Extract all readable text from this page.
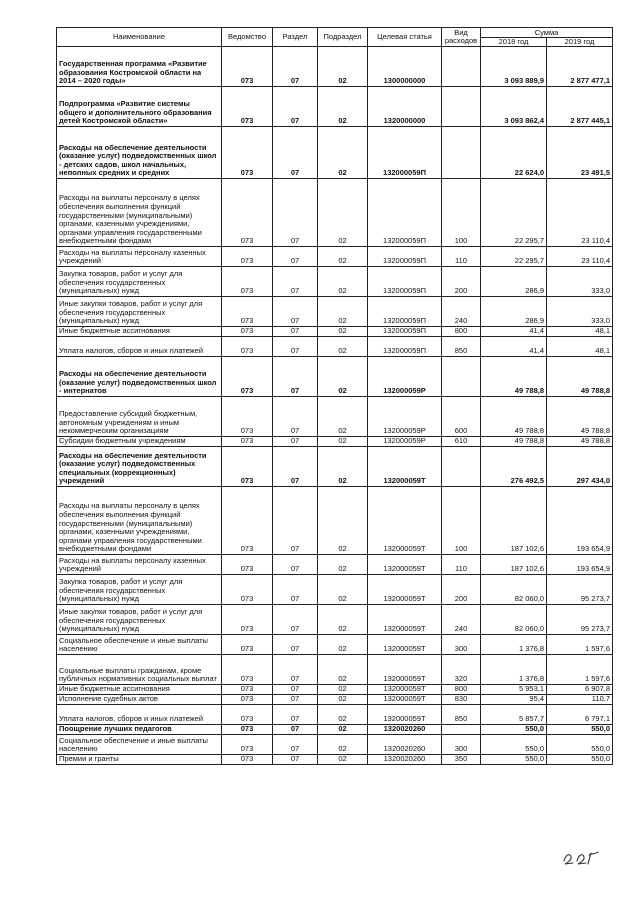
Наименование	Ведомство	Раздел	Подраздел	Целевая статья	Вид расходов	Сумма	
						2018 год	2019 год
Государственная программа «Развитие образования Костромской области на 2014 – 2020 годы»	073	07	02	1300000000		3 093 889,9	2 877 477,1
Подпрограмма «Развитие системы общего и дополнительного образования детей Костромской области»	073	07	02	1320000000		3 093 862,4	2 877 445,1
Расходы на обеспечение деятельности (оказание услуг) подведомственных школ - детских садов, школ начальных, неполных средних и средних	073	07	02	132000059П		22 624,0	23 491,5
Расходы на выплаты персоналу в целях обеспечения выполнения функций государственными (муниципальными) органами, казенными учреждениями, органами управления государственными внебюджетными фондами	073	07	02	132000059П	100	22 295,7	23 110,4
Расходы на выплаты персоналу казенных учреждений	073	07	02	132000059П	110	22 295,7	23 110,4
Закупка товаров, работ и услуг для обеспечения государственных (муниципальных) нужд	073	07	02	132000059П	200	286,9	333,0
Иные закупки товаров, работ и услуг для обеспечения государственных (муниципальных) нужд	073	07	02	132000059П	240	286,9	333,0
Иные бюджетные ассигнования	073	07	02	132000059П	800	41,4	48,1
Уплата налогов, сборов и иных платежей	073	07	02	132000059П	850	41,4	48,1
Расходы на обеспечение деятельности (оказание услуг) подведомственных школ - интернатов	073	07	02	132000059Р		49 788,8	49 788,8
Предоставление субсидий бюджетным, автономным учреждениям и иным некоммерческим организациям	073	07	02	132000059Р	600	49 788,8	49 788,8
Субсидии бюджетным учреждениям	073	07	02	132000059Р	610	49 788,8	49 788,8
Расходы на обеспечение деятельности (оказание услуг) подведомственных специальных (коррекционных) учреждений	073	07	02	132000059Т		276 492,5	297 434,0
Расходы на выплаты персоналу в целях обеспечения выполнения функций государственными (муниципальными) органами, казенными учреждениями, органами управления государственными внебюджетными фондами	073	07	02	132000059Т	100	187 102,6	193 654,9
Расходы на выплаты персоналу казенных учреждений	073	07	02	132000059Т	110	187 102,6	193 654,9
Закупка товаров, работ и услуг для обеспечения государственных (муниципальных) нужд	073	07	02	132000059Т	200	82 060,0	95 273,7
Иные закупки товаров, работ и услуг для обеспечения государственных (муниципальных) нужд	073	07	02	132000059Т	240	82 060,0	95 273,7
Социальное обеспечение и иные выплаты населению	073	07	02	132000059Т	300	1 376,8	1 597,6
Социальные выплаты гражданам, кроме публичных нормативных социальных выплат	073	07	02	132000059Т	320	1 376,8	1 597,6
Иные бюджетные ассигнования	073	07	02	132000059Т	800	5 953,1	6 907,8
Исполнение судебных актов	073	07	02	132000059Т	830	95,4	110,7
Уплата налогов, сборов и иных платежей	073	07	02	132000059Т	850	5 857,7	6 797,1
Поощрение лучших педагогов	073	07	02	1320020260		550,0	550,0
Социальное обеспечение и иные выплаты населению	073	07	02	1320020260	300	550,0	550,0
Премии и гранты	073	07	02	1320020260	350	550,0	550,0
